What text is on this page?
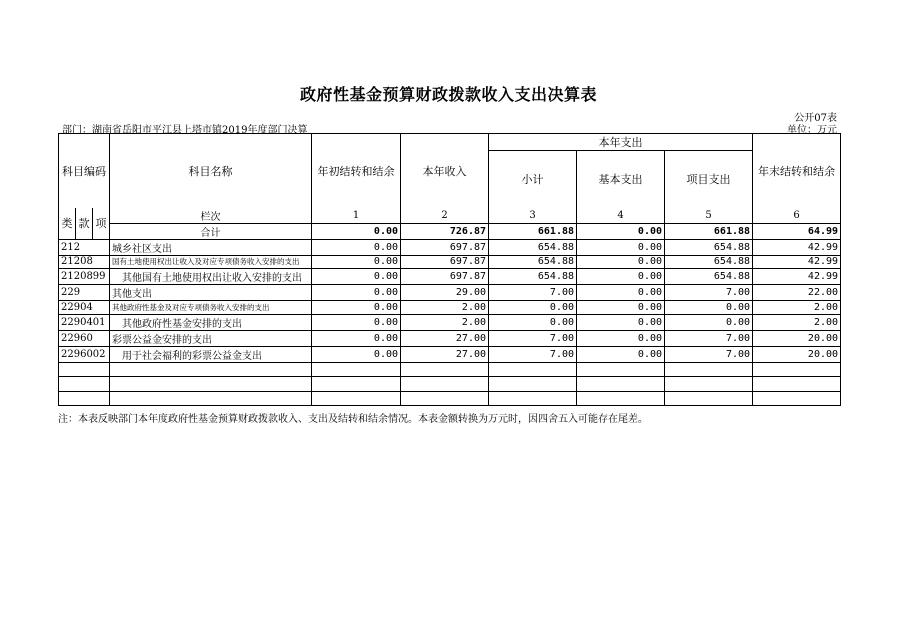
政府性基金预算财政拨款收入支出决算表
公开07表
部门：湖南省岳阳市平江县上塔市镇2019年度部门决算	单位：万元
科目编码			科目名称	年初结转和结余	本年收入	本年支出			年末结转和结余
						小计	基本支出	项目支出	
类	款	项	栏次	1	2	3	4	5	6
			合计	0.00	726.87	661.88	0.00	661.88	64.99
212			城乡社区支出	0.00	697.87	654.88	0.00	654.88	42.99
21208			国有土地使用权出让收入及对应专项债务收入安排的支出	0.00	697.87	654.88	0.00	654.88	42.99
2120899			其他国有土地使用权出让收入安排的支出	0.00	697.87	654.88	0.00	654.88	42.99
229			其他支出	0.00	29.00	7.00	0.00	7.00	22.00
22904			其他政府性基金及对应专项债务收入安排的支出	0.00	2.00	0.00	0.00	0.00	2.00
2290401			其他政府性基金安排的支出	0.00	2.00	0.00	0.00	0.00	2.00
22960			彩票公益金安排的支出	0.00	27.00	7.00	0.00	7.00	20.00
2296002			用于社会福利的彩票公益金支出	0.00	27.00	7.00	0.00	7.00	20.00

注：本表反映部门本年度政府性基金预算财政拨款收入、支出及结转和结余情况。本表金额转换为万元时，因四舍五入可能存在尾差。
